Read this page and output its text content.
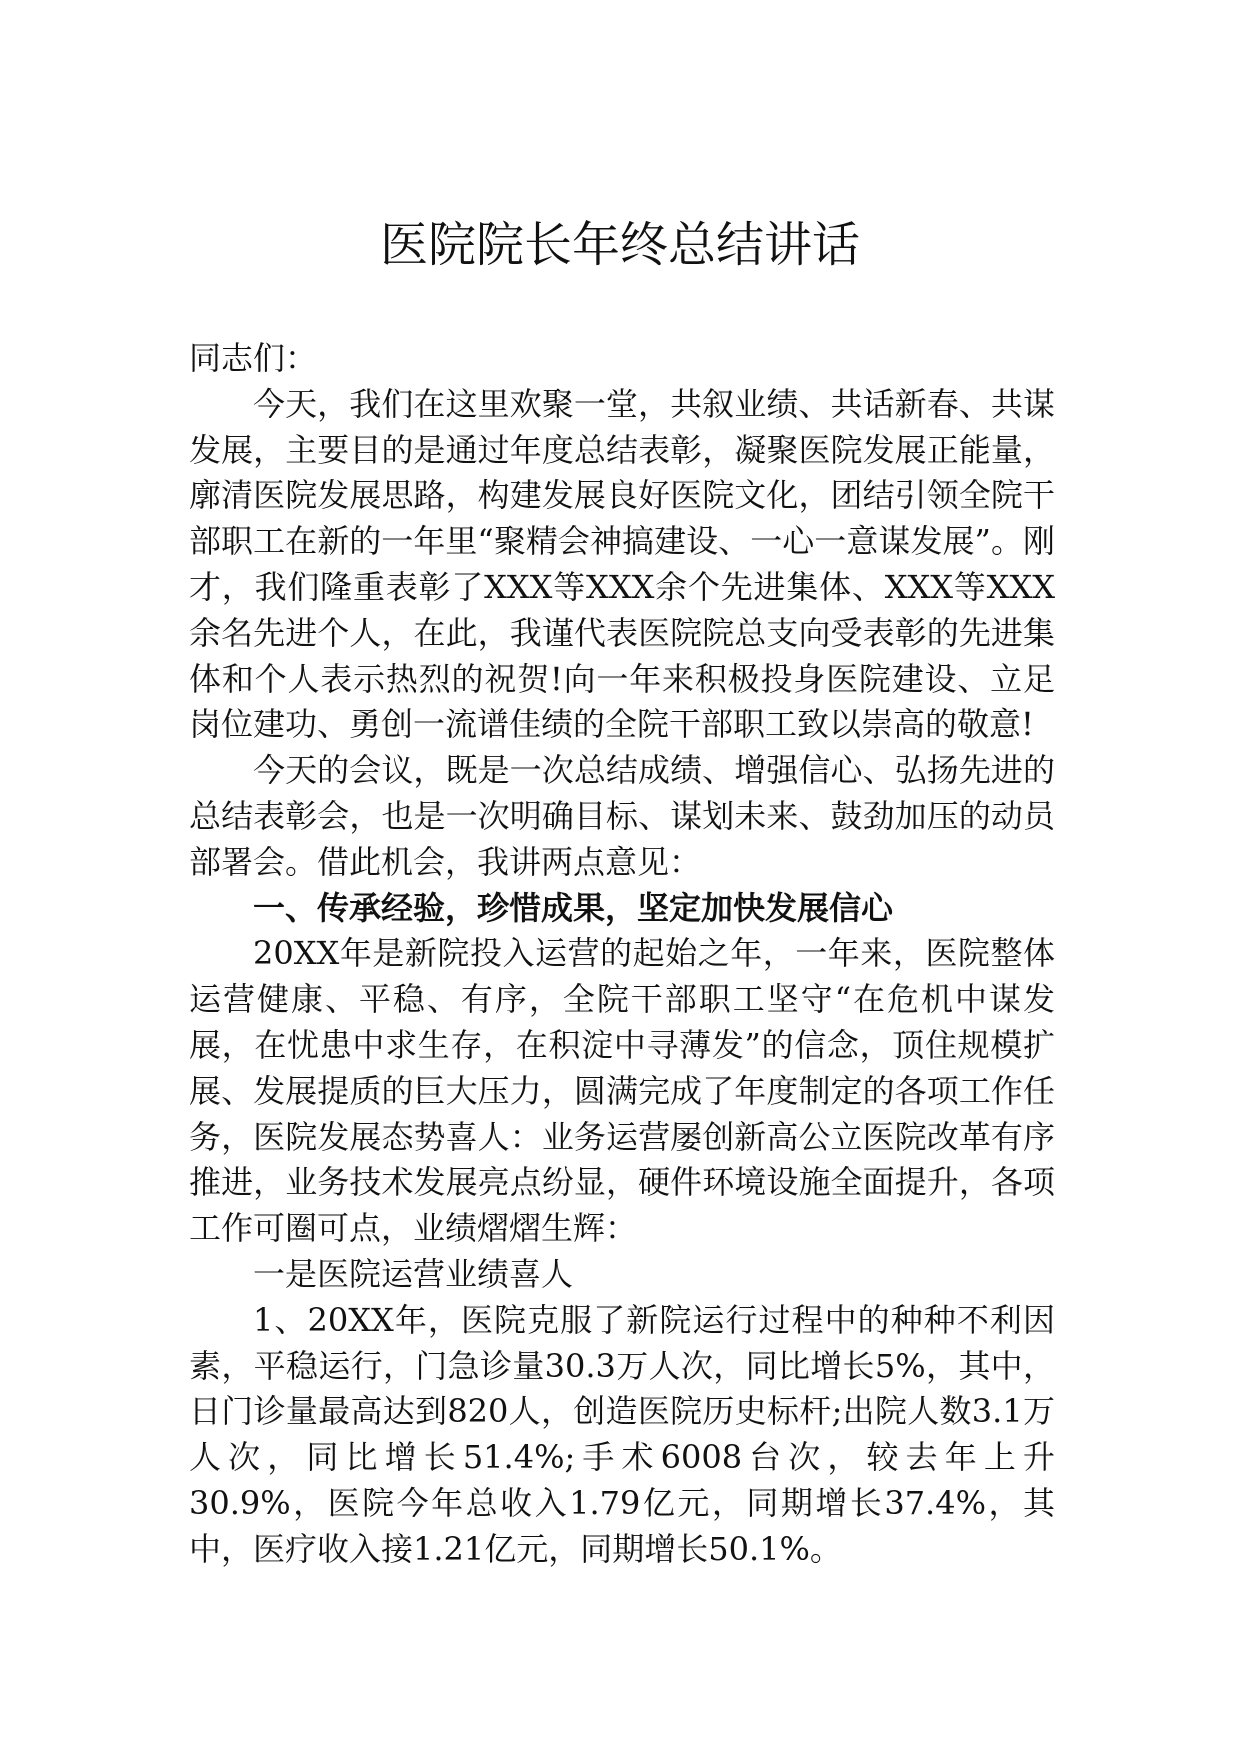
医院院长年终总结讲话

同志们：

今天，我们在这里欢聚一堂，共叙业绩、共话新春、共谋发展，主要目的是通过年度总结表彰，凝聚医院发展正能量，廓清医院发展思路，构建发展良好医院文化，团结引领全院干部职工在新的一年里“聚精会神搞建设、一心一意谋发展”。刚才，我们隆重表彰了XXX等XXX余个先进集体、XXX等XXX余名先进个人，在此，我谨代表医院院总支向受表彰的先进集体和个人表示热烈的祝贺!向一年来积极投身医院建设、立足岗位建功、勇创一流谱佳绩的全院干部职工致以崇高的敬意!

今天的会议，既是一次总结成绩、增强信心、弘扬先进的总结表彰会，也是一次明确目标、谋划未来、鼓劲加压的动员部署会。借此机会，我讲两点意见：

一、传承经验，珍惜成果，坚定加快发展信心

20XX年是新院投入运营的起始之年，一年来，医院整体运营健康、平稳、有序，全院干部职工坚守“在危机中谋发展，在忧患中求生存，在积淀中寻薄发”的信念，顶住规模扩展、发展提质的巨大压力，圆满完成了年度制定的各项工作任务，医院发展态势喜人：业务运营屡创新高公立医院改革有序推进，业务技术发展亮点纷显，硬件环境设施全面提升，各项工作可圈可点，业绩熠熠生辉：

一是医院运营业绩喜人

1、20XX年，医院克服了新院运行过程中的种种不利因素，平稳运行，门急诊量30.3万人次，同比增长5%，其中，日门诊量最高达到820人，创造医院历史标杆;出院人数3.1万人次，同比增长51.4%;手术6008台次，较去年上升30.9%，医院今年总收入1.79亿元，同期增长37.4%，其中，医疗收入接1.21亿元，同期增长50.1%。
